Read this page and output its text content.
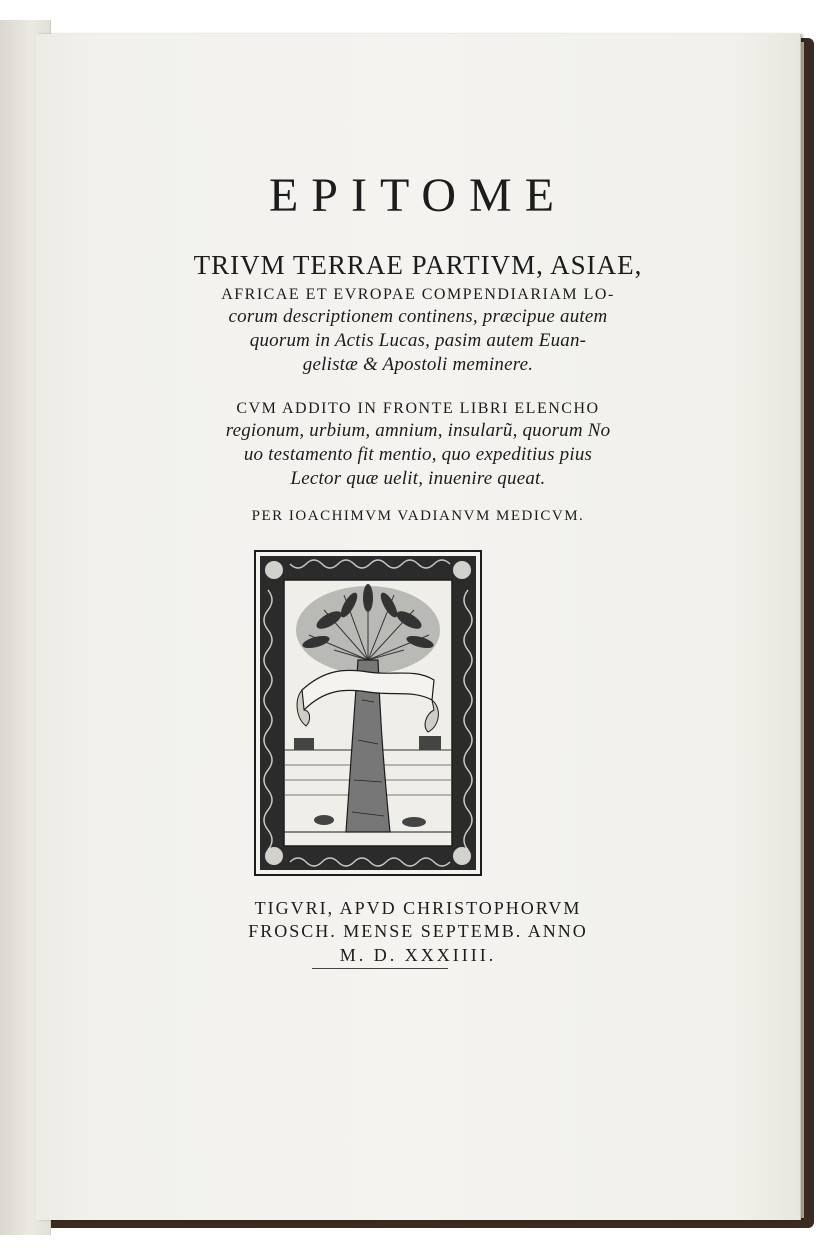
EPITOME
TRIVM TERRAE PARTIVM, ASIAE,
AFRICAE ET EVROPAE COMPENDIARIAM LO-
corum descriptionem continens, præcipue autem
quorum in Actis Lucas, pasim autem Euan-
gelistæ & Apostoli meminere.
CVM ADDITO IN FRONTE LIBRI ELENCHO
regionum, urbium, amnium, insularũ, quorum No
uo testamento fit mentio, quo expeditius pius
Lector quæ uelit, inuenire queat.
PER IOACHIMVM VADIANVM MEDICVM.
TIGVRI, APVD CHRISTOPHORVM
FROSCH. MENSE SEPTEMB. ANNO
M. D. XXXIIII.
